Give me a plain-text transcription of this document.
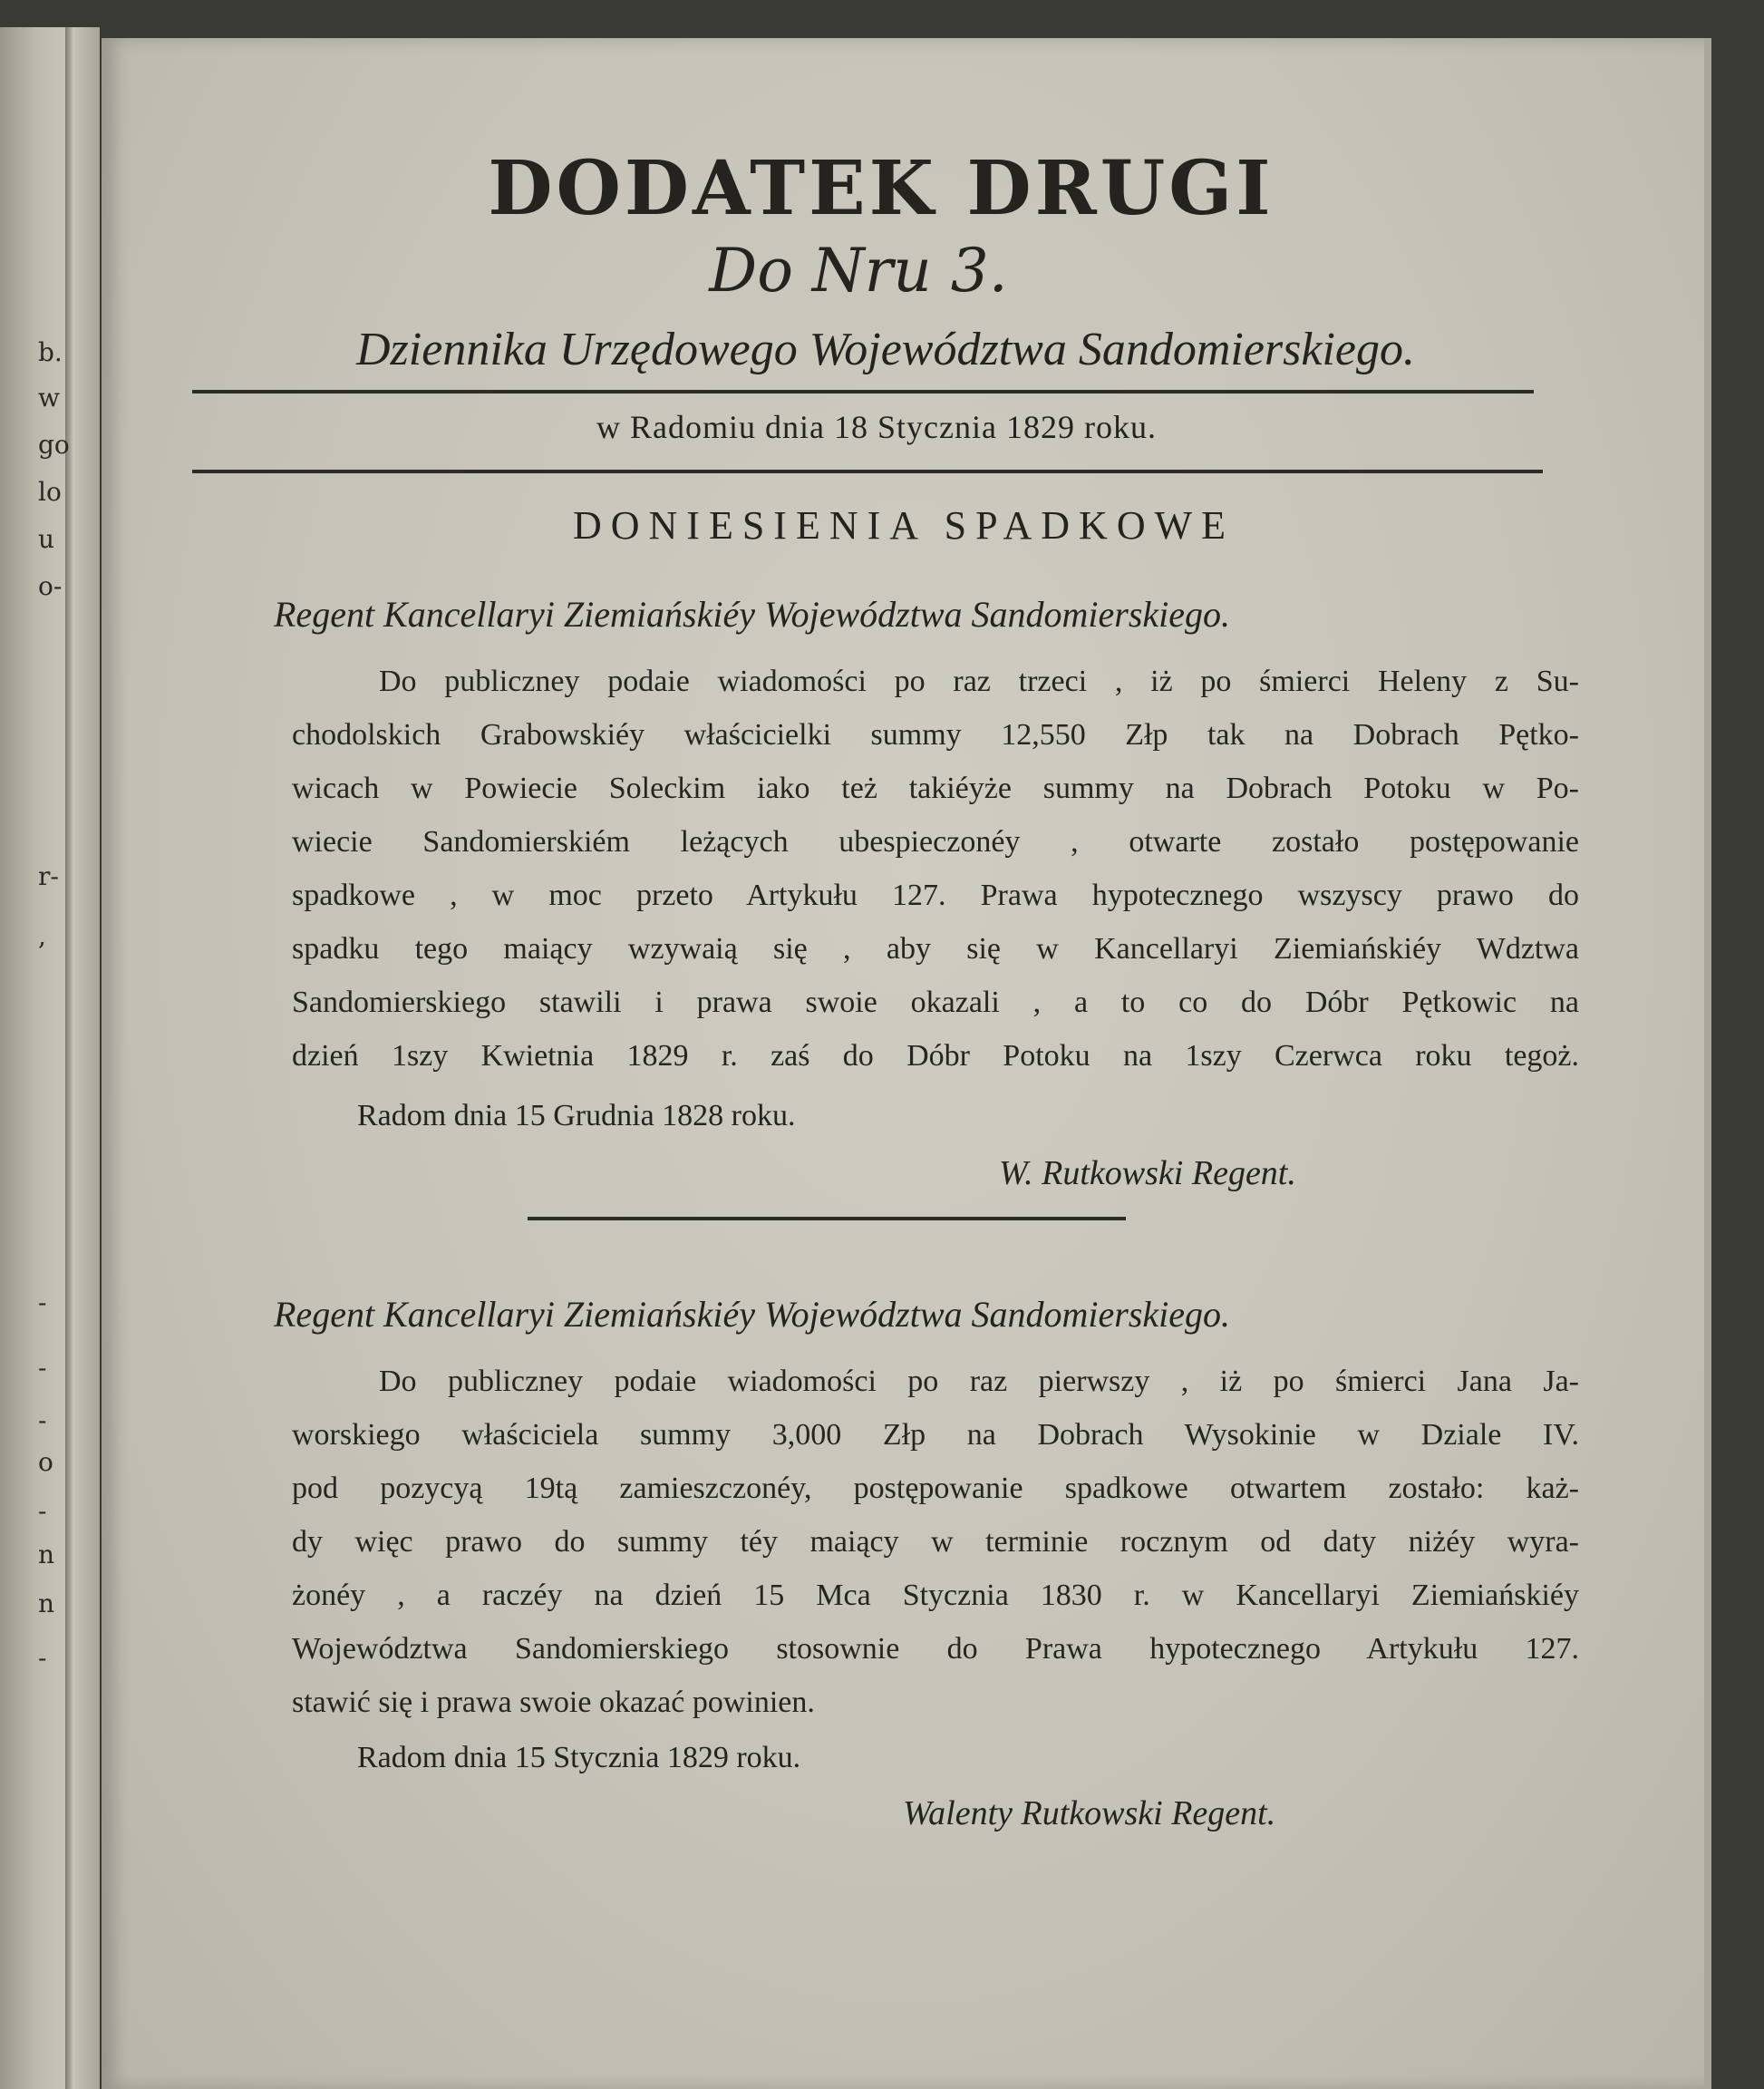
b.
w
go
lo
u
o-
r-
,
-
-
-
o
-
n
n
-
DODATEK DRUGI
Do Nru 3.
Dziennika Urzędowego Województwa Sandomierskiego.
w Radomiu dnia 18 Stycznia 1829 roku.
DONIESIENIA SPADKOWE
Regent Kancellaryi Ziemiańskiéy Województwa Sandomierskiego.
Do publiczney podaie wiadomości po raz trzeci , iż po śmierci Heleny z Su-
chodolskich Grabowskiéy właścicielki summy 12,550 Złp tak na Dobrach Pętko-
wicach w Powiecie Soleckim iako też takiéyże summy na Dobrach Potoku w Po-
wiecie Sandomierskiém leżących ubespieczonéy , otwarte zostało postępowanie
spadkowe , w moc przeto Artykułu 127. Prawa hypotecznego wszyscy prawo do
spadku tego maiący wzywaią się , aby się w Kancellaryi Ziemiańskiéy Wdztwa
Sandomierskiego stawili i prawa swoie okazali , a to co do Dóbr Pętkowic na
dzień 1szy Kwietnia 1829 r. zaś do Dóbr Potoku na 1szy Czerwca roku tegoż.
Radom dnia 15 Grudnia 1828 roku.
W. Rutkowski Regent.
Regent Kancellaryi Ziemiańskiéy Województwa Sandomierskiego.
Do publiczney podaie wiadomości po raz pierwszy , iż po śmierci Jana Ja-
worskiego właściciela summy 3,000 Złp na Dobrach Wysokinie w Dziale IV.
pod pozycyą 19tą zamieszczonéy, postępowanie spadkowe otwartem zostało: każ-
dy więc prawo do summy téy maiący w terminie rocznym od daty niżéy wyra-
żonéy , a raczéy na dzień 15 Mca Stycznia 1830 r. w Kancellaryi Ziemiańskiéy
Województwa Sandomierskiego stosownie do Prawa hypotecznego Artykułu 127.
stawić się i prawa swoie okazać powinien.
Radom dnia 15 Stycznia 1829 roku.
Walenty Rutkowski Regent.
